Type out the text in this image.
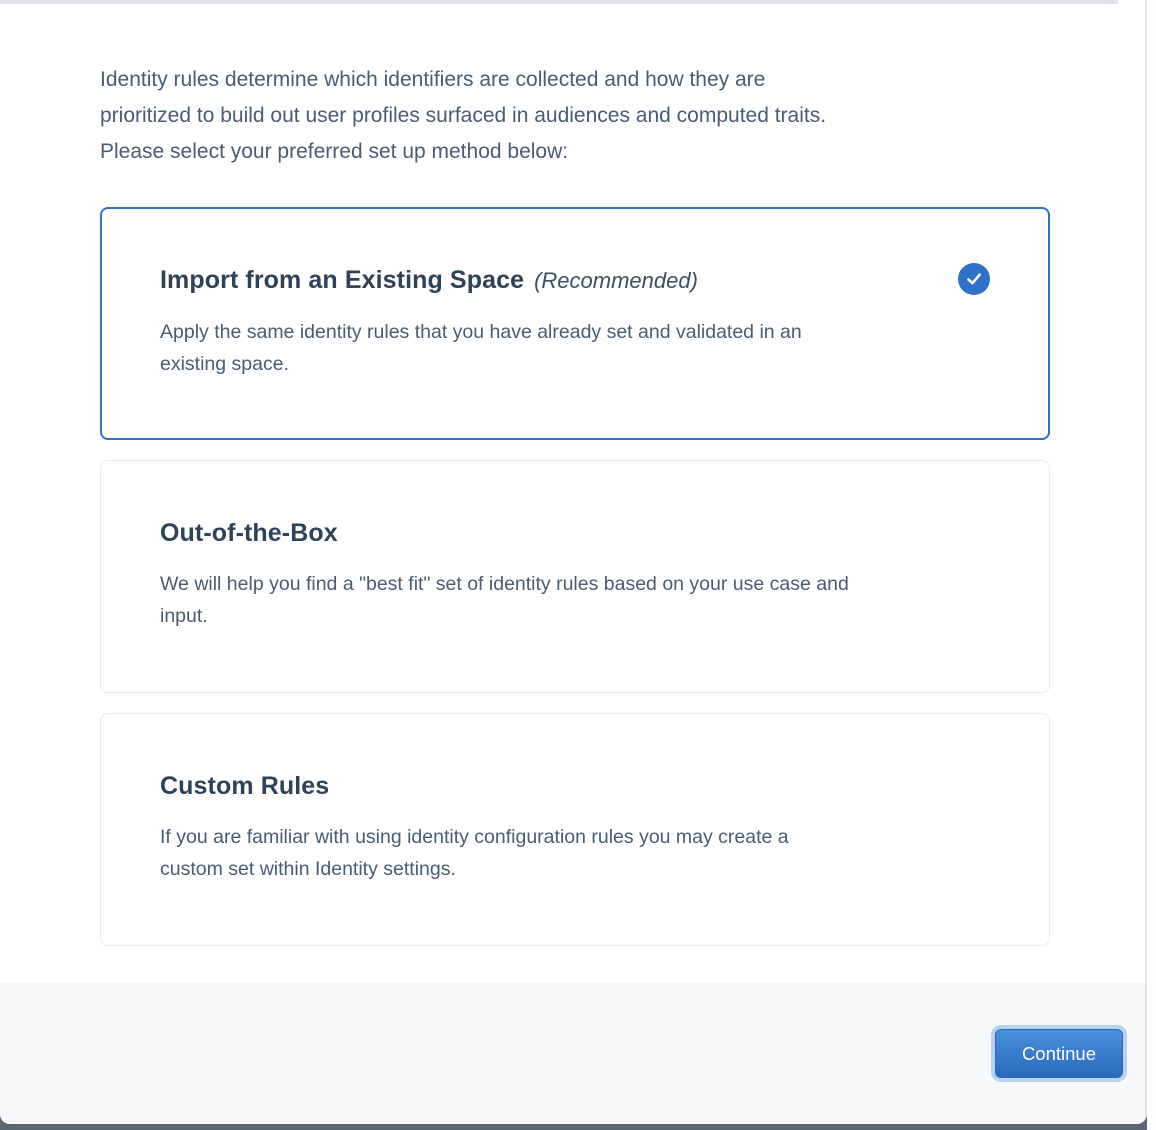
Identity rules determine which identifiers are collected and how they are
prioritized to build out user profiles surfaced in audiences and computed traits.
Please select your preferred set up method below:
Import from an Existing Space (Recommended)
Apply the same identity rules that you have already set and validated in an
existing space.
Out-of-the-Box
We will help you find a "best fit" set of identity rules based on your use case and
input.
Custom Rules
If you are familiar with using identity configuration rules you may create a
custom set within Identity settings.
Continue
